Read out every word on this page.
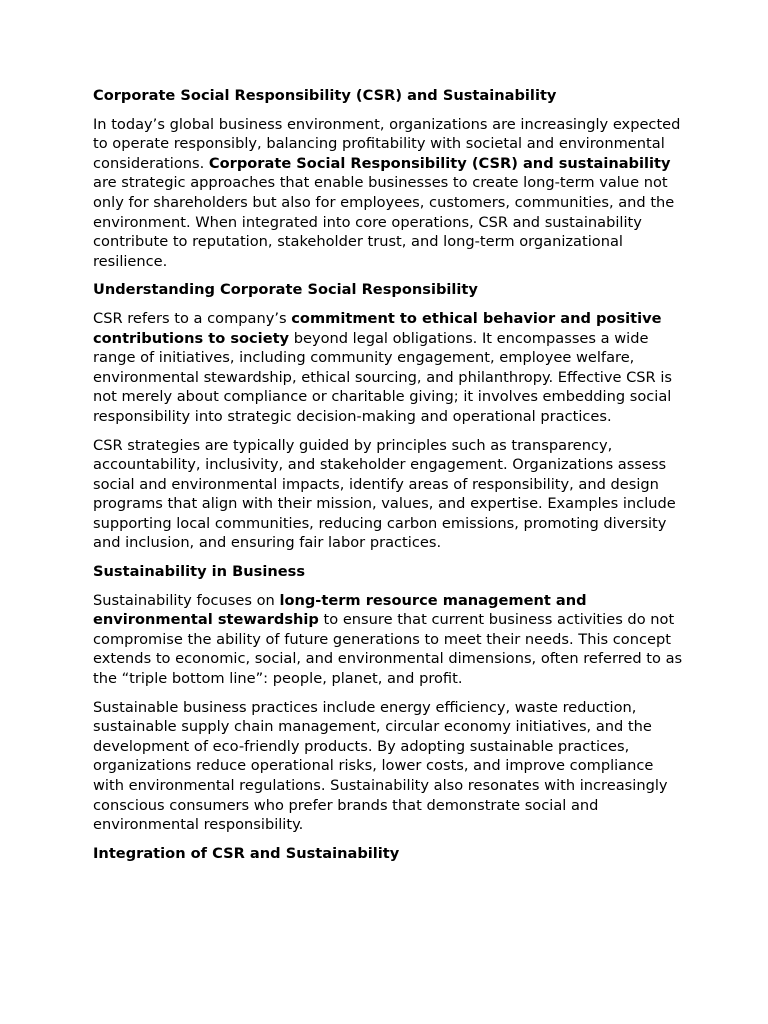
Corporate Social Responsibility (CSR) and Sustainability

In today’s global business environment, organizations are increasingly expected to operate responsibly, balancing profitability with societal and environmental considerations. Corporate Social Responsibility (CSR) and sustainability are strategic approaches that enable businesses to create long-term value not only for shareholders but also for employees, customers, communities, and the environment. When integrated into core operations, CSR and sustainability contribute to reputation, stakeholder trust, and long-term organizational resilience.

Understanding Corporate Social Responsibility

CSR refers to a company’s commitment to ethical behavior and positive contributions to society beyond legal obligations. It encompasses a wide range of initiatives, including community engagement, employee welfare, environmental stewardship, ethical sourcing, and philanthropy. Effective CSR is not merely about compliance or charitable giving; it involves embedding social responsibility into strategic decision-making and operational practices.

CSR strategies are typically guided by principles such as transparency, accountability, inclusivity, and stakeholder engagement. Organizations assess social and environmental impacts, identify areas of responsibility, and design programs that align with their mission, values, and expertise. Examples include supporting local communities, reducing carbon emissions, promoting diversity and inclusion, and ensuring fair labor practices.

Sustainability in Business

Sustainability focuses on long-term resource management and environmental stewardship to ensure that current business activities do not compromise the ability of future generations to meet their needs. This concept extends to economic, social, and environmental dimensions, often referred to as the “triple bottom line”: people, planet, and profit.

Sustainable business practices include energy efficiency, waste reduction, sustainable supply chain management, circular economy initiatives, and the development of eco-friendly products. By adopting sustainable practices, organizations reduce operational risks, lower costs, and improve compliance with environmental regulations. Sustainability also resonates with increasingly conscious consumers who prefer brands that demonstrate social and environmental responsibility.

Integration of CSR and Sustainability
